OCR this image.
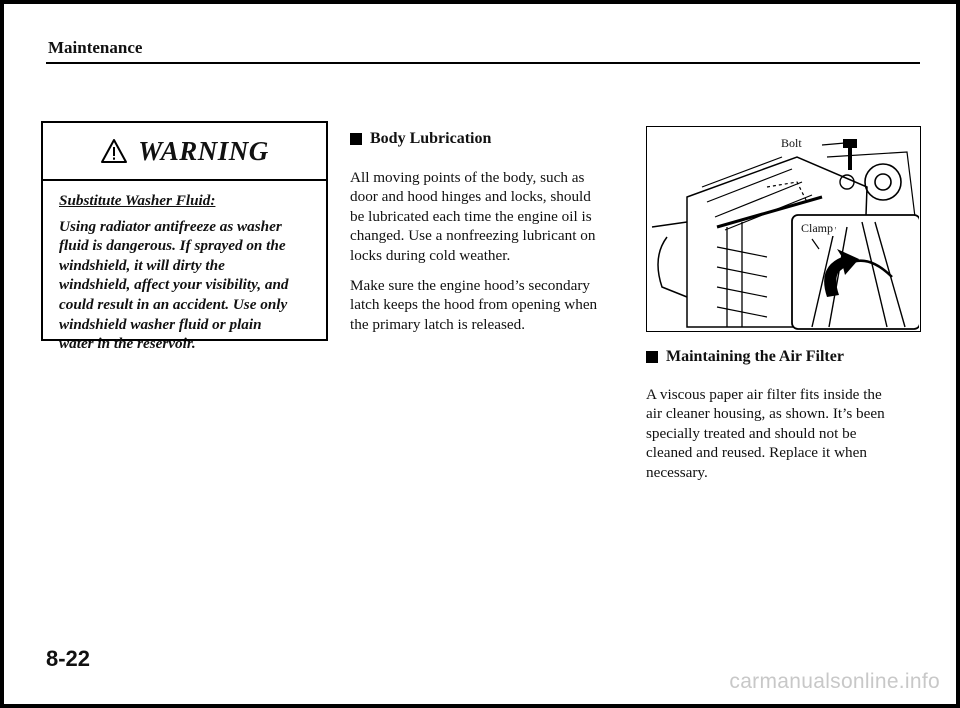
Maintenance
WARNING
Substitute Washer Fluid:
Using radiator antifreeze as washer
fluid is dangerous. If sprayed on the
windshield, it will dirty the
windshield, affect your visibility, and
could result in an accident. Use only
windshield washer fluid or plain
water in the reservoir.
Body Lubrication
All moving points of the body, such as
door and hood hinges and locks, should
be lubricated each time the engine oil is
changed. Use a nonfreezing lubricant on
locks during cold weather.
Make sure the engine hood’s secondary
latch keeps the hood from opening when
the primary latch is released.
Bolt
Clamp
Maintaining the Air Filter
A viscous paper air filter fits inside the
air cleaner housing, as shown. It’s been
specially treated and should not be
cleaned and reused. Replace it when
necessary.
8-22
carmanualsonline.info
